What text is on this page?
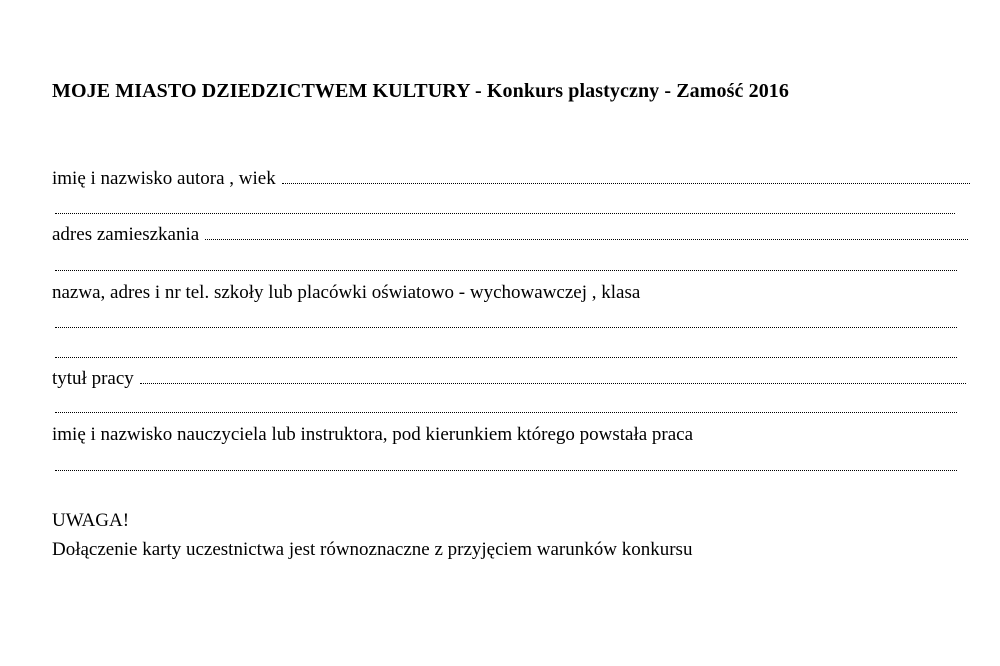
MOJE MIASTO DZIEDZICTWEM KULTURY - Konkurs plastyczny - Zamość 2016
imię i nazwisko autora , wiek
adres zamieszkania
nazwa, adres i nr tel. szkoły lub placówki oświatowo - wychowawczej , klasa
tytuł pracy
imię i nazwisko nauczyciela lub instruktora, pod kierunkiem którego powstała praca
UWAGA!
Dołączenie karty uczestnictwa jest równoznaczne z przyjęciem warunków konkursu
